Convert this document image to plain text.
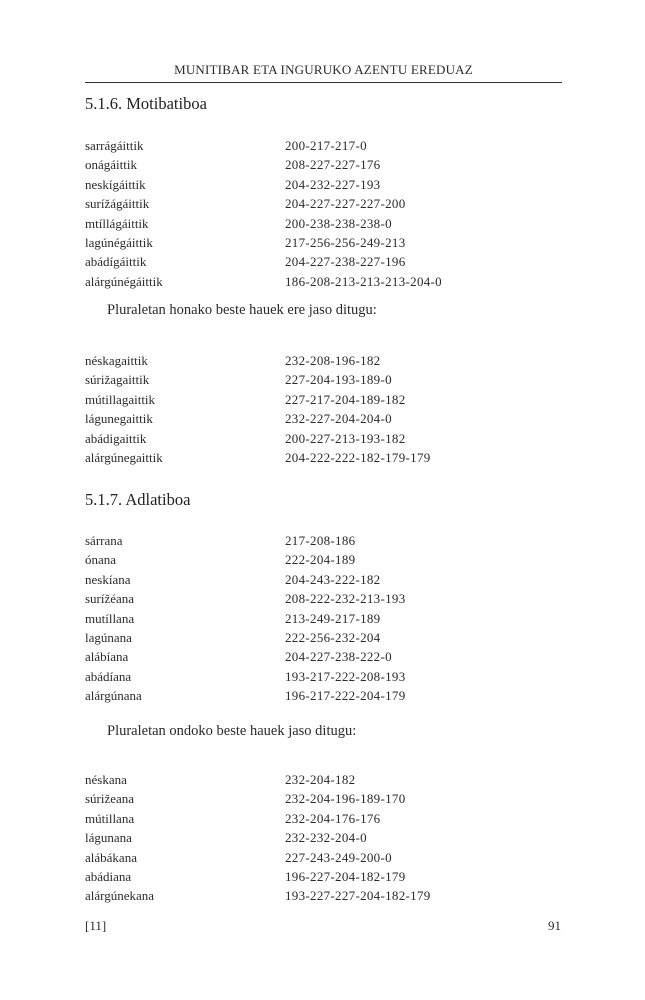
MUNITIBAR ETA INGURUKO AZENTU EREDUAZ
5.1.6. Motibatiboa
sarrágáittik	200-217-217-0
onágáittik	208-227-227-176
neskígáittik	204-232-227-193
surížágáittik	204-227-227-227-200
mtíllágáittik	200-238-238-238-0
lagúnégáittik	217-256-256-249-213
abádígáittik	204-227-238-227-196
alárgúnégáittik	186-208-213-213-213-204-0
Pluraletan honako beste hauek ere jaso ditugu:
néskagaittik	232-208-196-182
súrižagaittik	227-204-193-189-0
mútillagaittik	227-217-204-189-182
lágunegaittik	232-227-204-204-0
abádigaittik	200-227-213-193-182
alárgúnegaittik	204-222-222-182-179-179
5.1.7. Adlatiboa
sárrana	217-208-186
ónana	222-204-189
neskíana	204-243-222-182
surížéana	208-222-232-213-193
mutíllana	213-249-217-189
lagúnana	222-256-232-204
alábíana	204-227-238-222-0
abádíana	193-217-222-208-193
alárgúnana	196-217-222-204-179
Pluraletan ondoko beste hauek jaso ditugu:
néskana	232-204-182
súrižeana	232-204-196-189-170
mútillana	232-204-176-176
lágunana	232-232-204-0
alábákana	227-243-249-200-0
abádiana	196-227-204-182-179
alárgúnekana	193-227-227-204-182-179
[11]	91
